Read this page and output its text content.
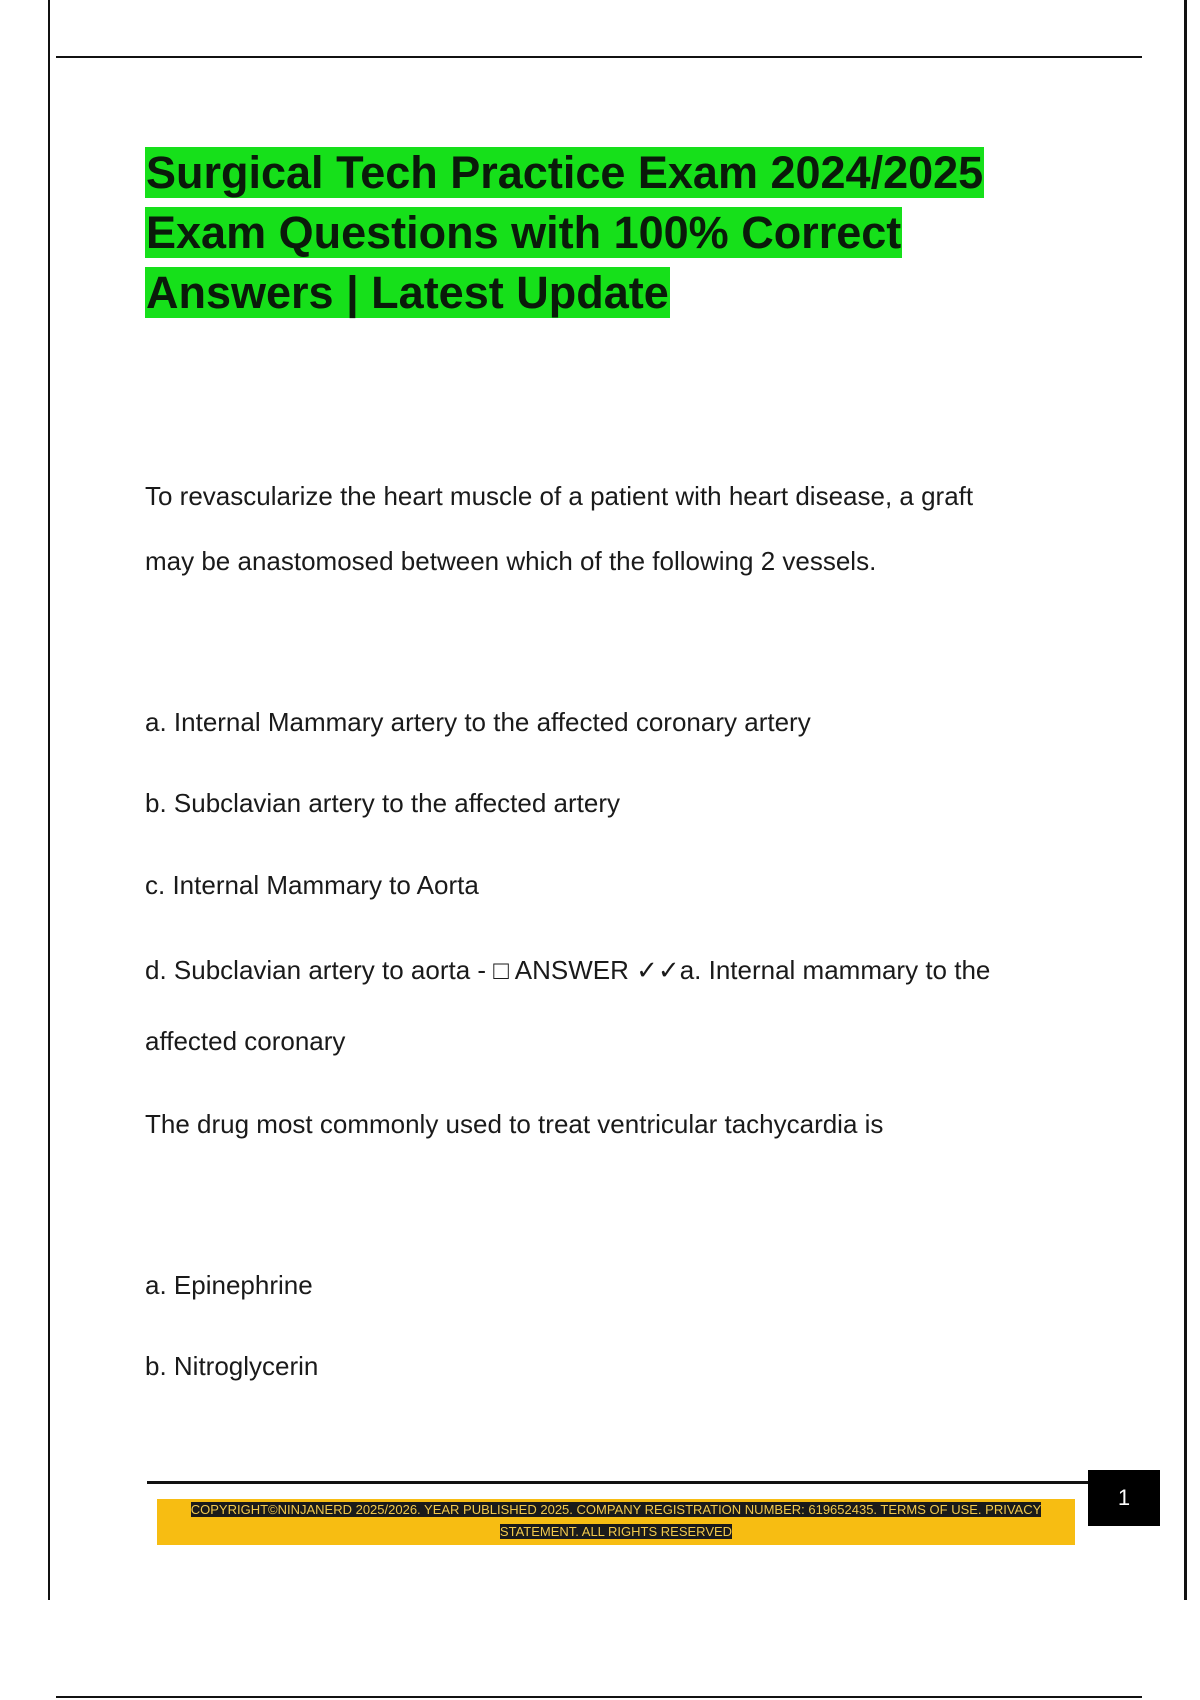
Surgical Tech Practice Exam 2024/2025
Exam Questions with 100% Correct
Answers | Latest Update
To revascularize the heart muscle of a patient with heart disease, a graft
may be anastomosed between which of the following 2 vessels.
a. Internal Mammary artery to the affected coronary artery
b. Subclavian artery to the affected artery
c. Internal Mammary to Aorta
d. Subclavian artery to aorta - □ ANSWER ✓✓a. Internal mammary to the
affected coronary
The drug most commonly used to treat ventricular tachycardia is
a. Epinephrine
b. Nitroglycerin
1
COPYRIGHT©NINJANERD 2025/2026. YEAR PUBLISHED 2025. COMPANY REGISTRATION NUMBER: 619652435. TERMS OF USE. PRIVACY
STATEMENT. ALL RIGHTS RESERVED
